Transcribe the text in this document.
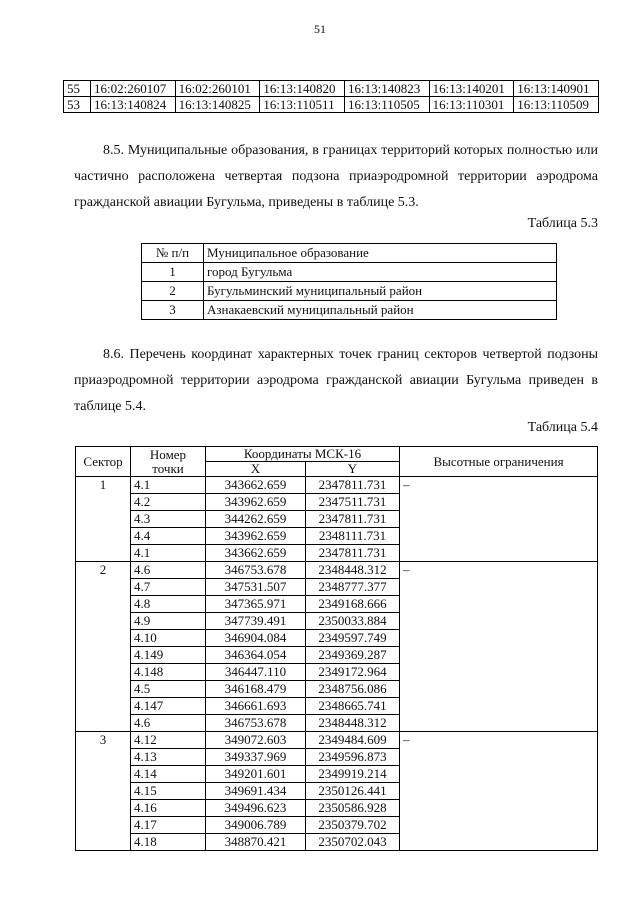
51
55	16:02:260107	16:02:260101	16:13:140820	16:13:140823	16:13:140201	16:13:140901
53	16:13:140824	16:13:140825	16:13:110511	16:13:110505	16:13:110301	16:13:110509

8.5. Муниципальные образования, в границах территорий которых полностью или частично расположена четвертая подзона приаэродромной территории аэродрома гражданской авиации Бугульма, приведены в таблице 5.3.

Таблица 5.3
№ п/п	Муниципальное образование
1	город Бугульма
2	Бугульминский муниципальный район
3	Азнакаевский муниципальный район

8.6. Перечень координат характерных точек границ секторов четвертой подзоны приаэродромной территории аэродрома гражданской авиации Бугульма приведен в таблице 5.4.

Таблица 5.4
Сектор	Номер точки	Координаты МСК-16		Высотные ограничения
		X	Y	
1	4.1	343662.659	2347811.731	–
	4.2	343962.659	2347511.731	
	4.3	344262.659	2347811.731	
	4.4	343962.659	2348111.731	
	4.1	343662.659	2347811.731	
2	4.6	346753.678	2348448.312	–
	4.7	347531.507	2348777.377	
	4.8	347365.971	2349168.666	
	4.9	347739.491	2350033.884	
	4.10	346904.084	2349597.749	
	4.149	346364.054	2349369.287	
	4.148	346447.110	2349172.964	
	4.5	346168.479	2348756.086	
	4.147	346661.693	2348665.741	
	4.6	346753.678	2348448.312	
3	4.12	349072.603	2349484.609	–
	4.13	349337.969	2349596.873	
	4.14	349201.601	2349919.214	
	4.15	349691.434	2350126.441	
	4.16	349496.623	2350586.928	
	4.17	349006.789	2350379.702	
	4.18	348870.421	2350702.043	
